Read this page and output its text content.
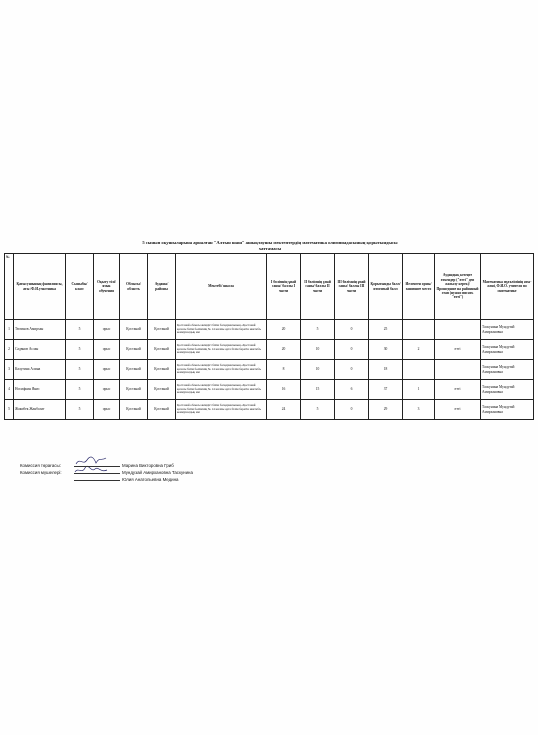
5 сынып оқушыларына арналған "Алтын шаш" ашықтаушы мектептердің математика олимпиадасының қорытындысы
хаттамасы
№	Қатысушының фамилиясы, аты /Ф.И.участника	Сыныбы/ класс	Оқыту тілі/ язык обучения	Облысы/ область	Ауданы/ районы	Мектебі/ школа	I бөлімнің ұпай саны/ баллы I части	II бөлімнің ұпай саны/ баллы II части	III бөлімнің ұпай саны/ баллы III части	Қорытынды балл/ итоговый балл	Иеленген орны/ занявшее место	Аудандық кезеңге өткендер ("өтті" деп жазылу керек)/ Прошедшие на районный этап (нужно писать "өтті")	Математика мұғалімінің аты-жөні, Ф.И.О. учителя по математике
1	Тюгинов Амирхан	5	орыс	Қостанай	Қостанай	Қостанай облысы әкімдігі білім басқармасының «Қостанай қаласы білім бөлімінің № 14 жалпы орта білім беретін мектебі» коммуналдық мм	20	5	0	25			Таскунина Мундузай Амирхановна
2	Садвнов Аслан	5	орыс	Қостанай	Қостанай	Қостанай облысы әкімдігі білім басқармасының «Қостанай қаласы білім бөлімінің № 14 жалпы орта білім беретін мектебі» коммуналдық мм	20	10	0	30	2	өтті	Таскунина Мундузай Амирхановна
3	Калугина Алина	5	орыс	Қостанай	Қостанай	Қостанай облысы әкімдігі білім басқармасының «Қостанай қаласы білім бөлімінің № 14 жалпы орта білім беретін мектебі» коммуналдық мм	8	10	0	18			Таскунина Мундузай Амирхановна
4	Носифкин Янис	5	орыс	Қостанай	Қостанай	Қостанай облысы әкімдігі білім басқармасының «Қостанай қаласы білім бөлімінің № 14 жалпы орта білім беретін мектебі» коммуналдық мм	16	15	6	37	1	өтті	Таскунина Мундузай Амирхановна
5	Жакибек Жанболат	5	орыс	Қостанай	Қостанай	Қостанай облысы әкімдігі білім басқармасының «Қостанай қаласы білім бөлімінің № 14 жалпы орта білім беретін мектебі» коммуналдық мм	24	5	0	29	3	өтті	Таскунина Мундузай Амирхановна
Комиссия төрағасы:	Марина Викторовна Гриб
Комиссия мүшелері:	Мундузай Амирхановна Таскунина
Юлия Анатольевна Медина
